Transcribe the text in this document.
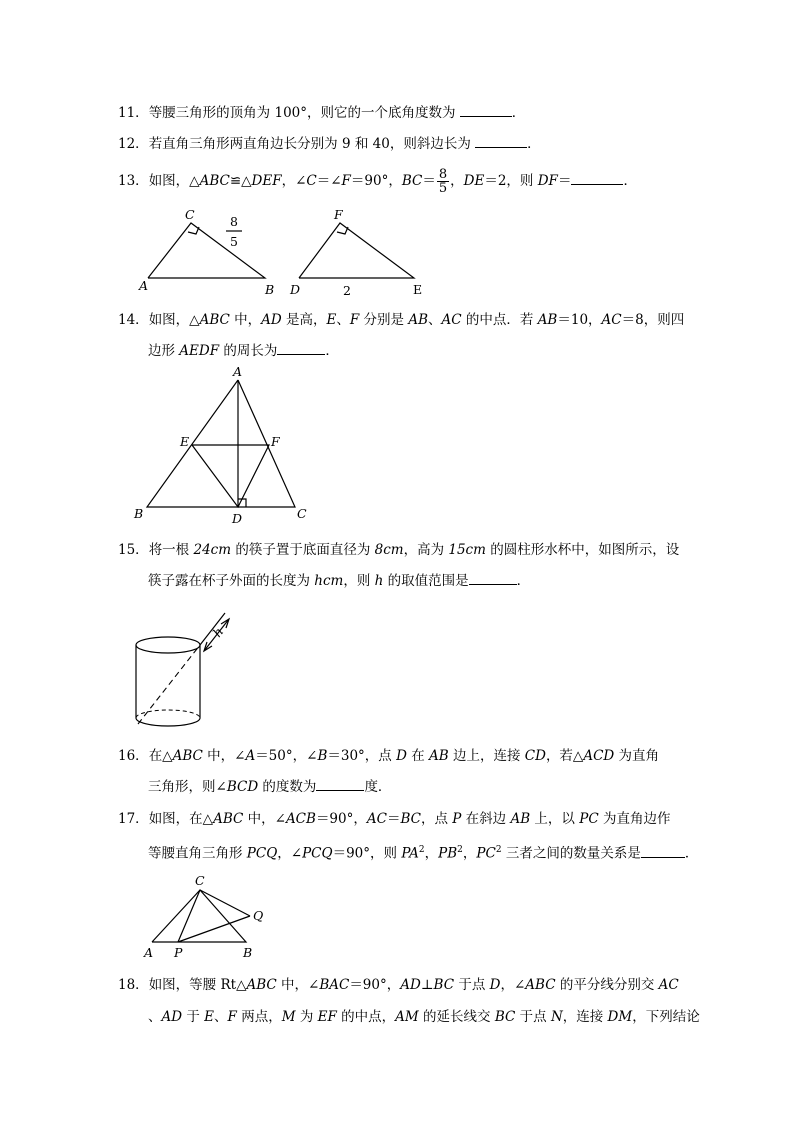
11．等腰三角形的顶角为 100°，则它的一个底角度数为	．
12．若直角三角形两直角边长分别为 9 和 40，则斜边长为	．
13．如图，△ABC≌△DEF，∠C＝∠F＝90°，$BC= \frac{8}{5}$ ，DE＝2，则 DF＝	．
C
A	B
8
5
F
D	E
2
14．如图，△ABC 中，AD 是高，E、F 分别是 AB、AC 的中点．若 AB＝10，AC＝8，则四
边形 AEDF 的周长为	．
A
B	C
D
E	F
15．将一根 24cm 的筷子置于底面直径为 8cm，高为 15cm 的圆柱形水杯中，如图所示，设
筷子露在杯子外面的长度为 hcm，则 h 的取值范围是	．
h
16．在△ABC 中，∠A＝50°，∠B＝30°，点 D 在 AB 边上，连接 CD，若△ACD 为直角
三角形，则∠BCD 的度数为	度．
17．如图，在△ABC 中，∠ACB＝90°，AC＝BC，点 P 在斜边 AB 上，以 PC 为直角边作
等腰直角三角形 PCQ，∠PCQ＝90°，则 $PA^2$，$PB^2$，$PC^2$ 三者之间的数量关系是	．
C
Q
A P	B
18．如图，等腰 Rt△ABC 中，∠BAC＝90°，AD⊥BC 于点 D，∠ABC 的平分线分别交 AC
、AD 于 E、F 两点，M 为 EF 的中点，AM 的延长线交 BC 于点 N，连接 DM，下列结论
